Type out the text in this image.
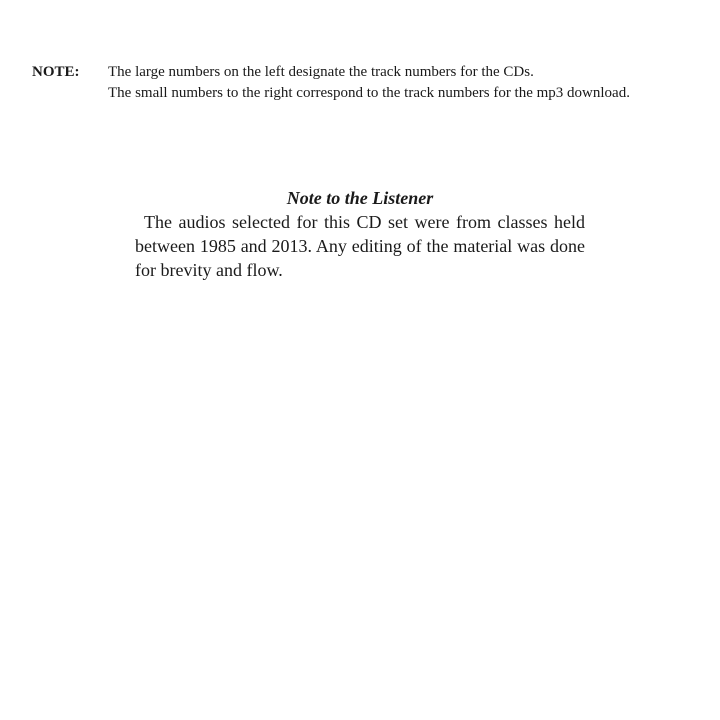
NOTE:	The large numbers on the left designate the track numbers for the CDs.
The small numbers to the right correspond to the track numbers for the mp3 download.
Note to the Listener

The audios selected for this CD set were from classes held between 1985 and 2013. Any editing of the material was done for brevity and flow.
